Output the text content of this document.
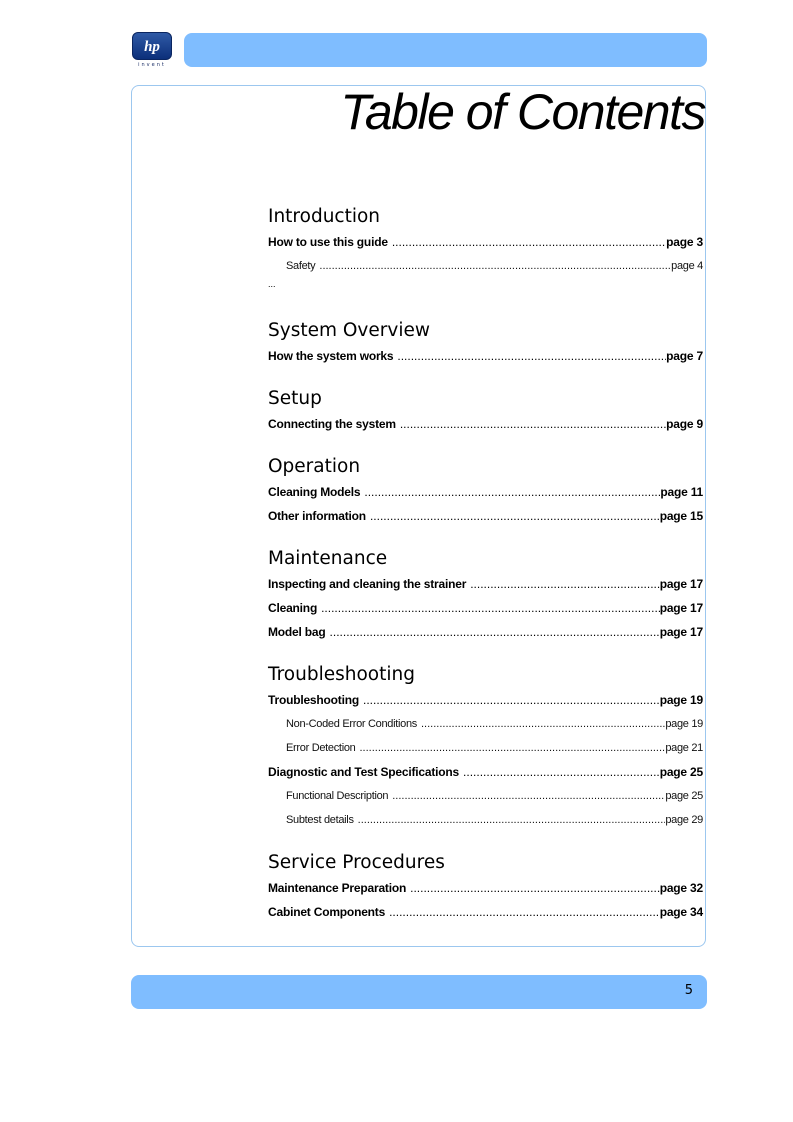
hp
invent
Table of Contents
Introduction
How to use this guide .....	page 3
Safety .....	page 4
...
System Overview
How the system works .....	page 7
Setup
Connecting the system .....	page 9
Operation
Cleaning Models .....	page 11
Other information .....	page 15
Maintenance
Inspecting and cleaning the strainer .....	page 17
Cleaning .....	page 17
Model bag .....	page 17
Troubleshooting
Troubleshooting .....	page 19
Non-Coded Error Conditions .....	page 19
Error Detection .....	page 21
Diagnostic and Test Specifications .....	page 25
Functional Description .....	page 25
Subtest details .....	page 29
Service Procedures
Maintenance Preparation .....	page 32
Cabinet Components .....	page 34
5
